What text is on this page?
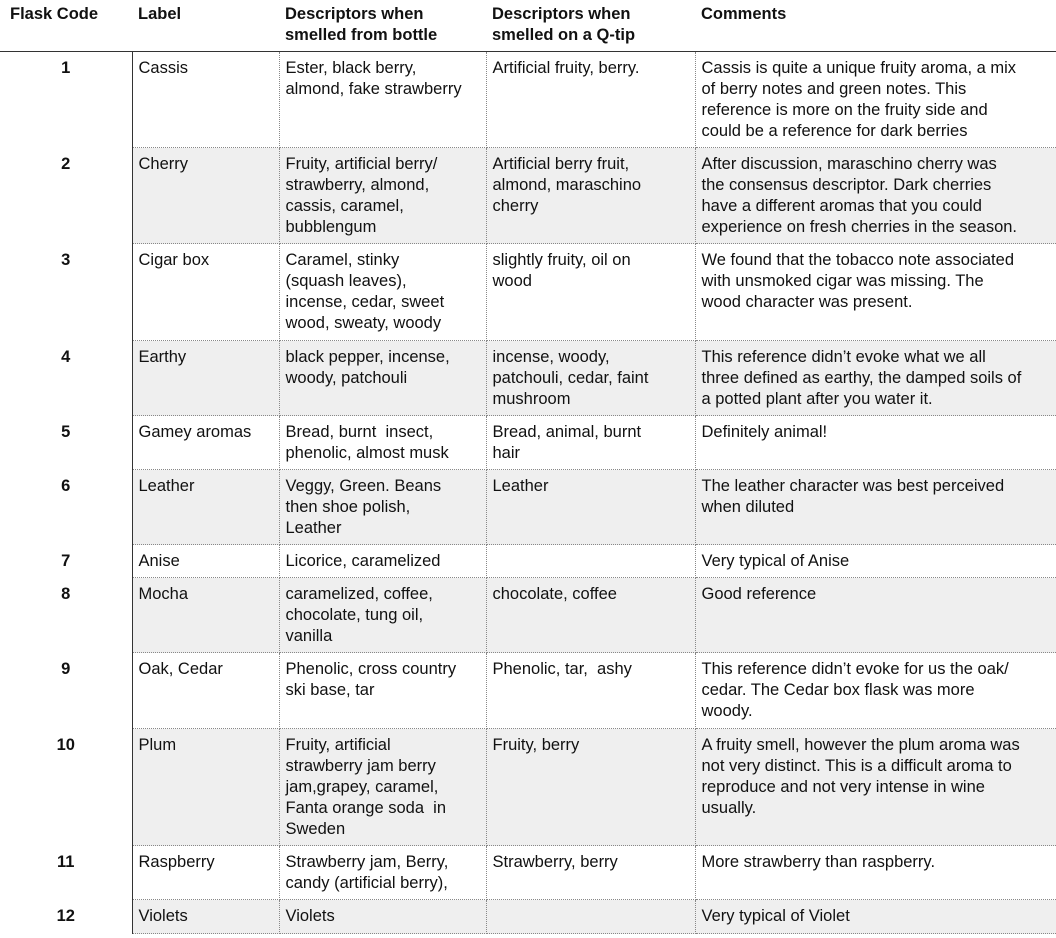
Flask Code	Label	Descriptors when
smelled from bottle	Descriptors when
smelled on a Q-tip	Comments
1	Cassis	Ester, black berry,
almond, fake strawberry	Artificial fruity, berry.	Cassis is quite a unique fruity aroma, a mix
of berry notes and green notes. This
reference is more on the fruity side and
could be a reference for dark berries
2	Cherry	Fruity, artificial berry/
strawberry, almond,
cassis, caramel,
bubblengum	Artificial berry fruit,
almond, maraschino
cherry	After discussion, maraschino cherry was
the consensus descriptor. Dark cherries
have a different aromas that you could
experience on fresh cherries in the season.
3	Cigar box	Caramel, stinky
(squash leaves),
incense, cedar, sweet
wood, sweaty, woody	slightly fruity, oil on
wood	We found that the tobacco note associated
with unsmoked cigar was missing. The
wood character was present.
4	Earthy	black pepper, incense,
woody, patchouli	incense, woody,
patchouli, cedar, faint
mushroom	This reference didn’t evoke what we all
three defined as earthy, the damped soils of
a potted plant after you water it.
5	Gamey aromas	Bread, burnt  insect,
phenolic, almost musk	Bread, animal, burnt
hair	Definitely animal!
6	Leather	Veggy, Green. Beans
then shoe polish,
Leather	Leather	The leather character was best perceived
when diluted
7	Anise	Licorice, caramelized		Very typical of Anise
8	Mocha	caramelized, coffee,
chocolate, tung oil,
vanilla	chocolate, coffee	Good reference
9	Oak, Cedar	Phenolic, cross country
ski base, tar	Phenolic, tar,  ashy	This reference didn’t evoke for us the oak/
cedar. The Cedar box flask was more
woody.
10	Plum	Fruity, artificial
strawberry jam berry
jam,grapey, caramel,
Fanta orange soda  in
Sweden	Fruity, berry	A fruity smell, however the plum aroma was
not very distinct. This is a difficult aroma to
reproduce and not very intense in wine
usually.
11	Raspberry	Strawberry jam, Berry,
candy (artificial berry),	Strawberry, berry	More strawberry than raspberry.
12	Violets	Violets		Very typical of Violet
